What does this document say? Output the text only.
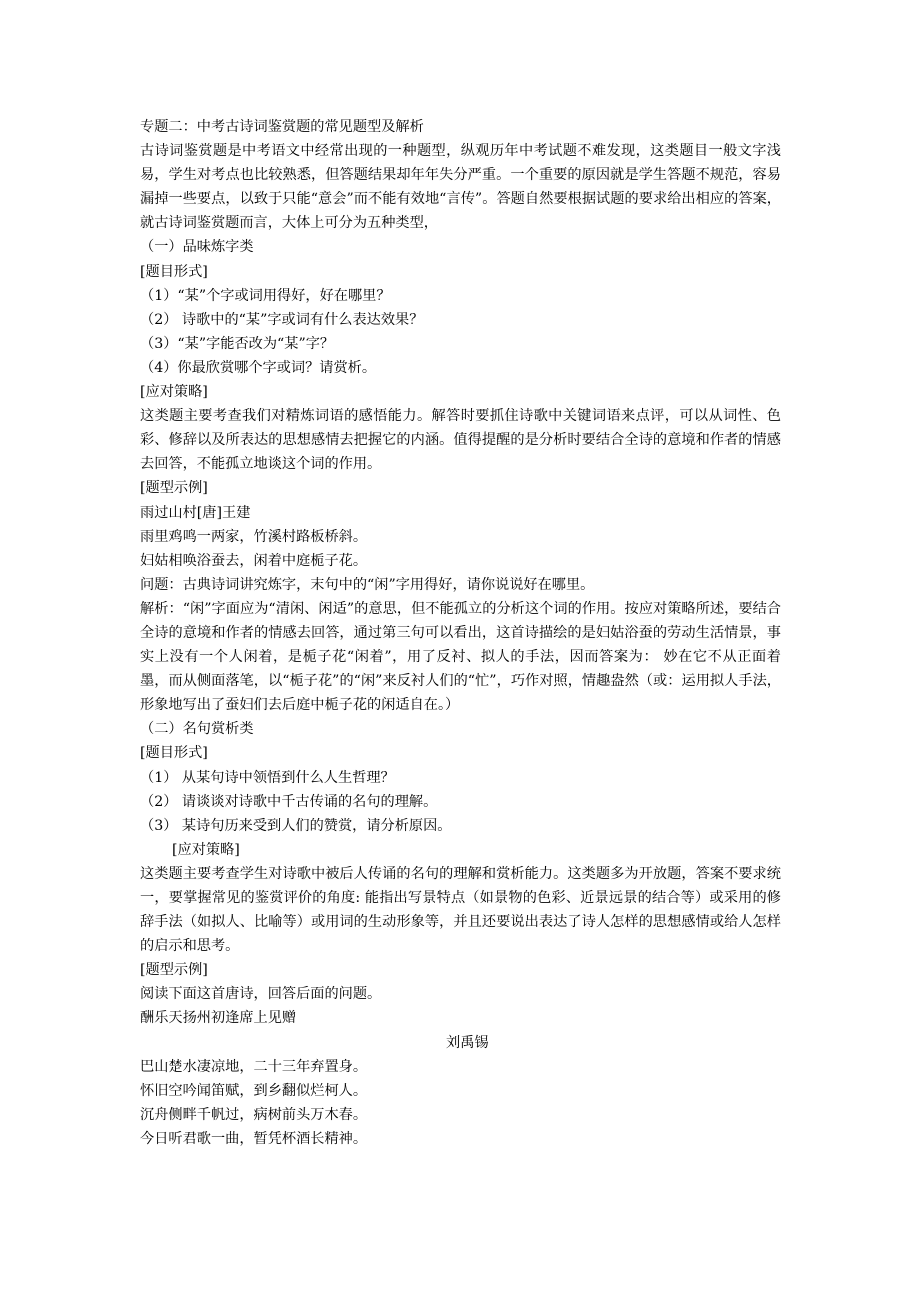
专题二：中考古诗词鉴赏题的常见题型及解析
古诗词鉴赏题是中考语文中经常出现的一种题型，纵观历年中考试题不难发现，这类题目一般文字浅易，学生对考点也比较熟悉，但答题结果却年年失分严重。一个重要的原因就是学生答题不规范，容易漏掉一些要点，以致于只能“意会”而不能有效地“言传”。答题自然要根据试题的要求给出相应的答案，就古诗词鉴赏题而言，大体上可分为五种类型，
（一）品味炼字类
[题目形式]
（1）“某”个字或词用得好，好在哪里？
（2） 诗歌中的“某”字或词有什么表达效果？
（3）“某”字能否改为“某”字？
（4）你最欣赏哪个字或词？请赏析。
[应对策略]
这类题主要考查我们对精炼词语的感悟能力。解答时要抓住诗歌中关键词语来点评，可以从词性、色彩、修辞以及所表达的思想感情去把握它的内涵。值得提醒的是分析时要结合全诗的意境和作者的情感去回答，不能孤立地谈这个词的作用。
[题型示例]
雨过山村[唐]王建
雨里鸡鸣一两家，竹溪村路板桥斜。
妇姑相唤浴蚕去，闲着中庭栀子花。
问题：古典诗词讲究炼字，末句中的“闲”字用得好，请你说说好在哪里。
解析：“闲”字面应为“清闲、闲适”的意思，但不能孤立的分析这个词的作用。按应对策略所述，要结合全诗的意境和作者的情感去回答，通过第三句可以看出，这首诗描绘的是妇姑浴蚕的劳动生活情景，事实上没有一个人闲着，是栀子花“闲着”，用了反衬、拟人的手法，因而答案为： 妙在它不从正面着墨，而从侧面落笔，以“栀子花”的“闲”来反衬人们的“忙”，巧作对照，情趣盎然（或：运用拟人手法，形象地写出了蚕妇们去后庭中栀子花的闲适自在。）
（二）名句赏析类
[题目形式]
（1） 从某句诗中领悟到什么人生哲理？
（2） 请谈谈对诗歌中千古传诵的名句的理解。
（3） 某诗句历来受到人们的赞赏，请分析原因。
[应对策略]
这类题主要考查学生对诗歌中被后人传诵的名句的理解和赏析能力。这类题多为开放题，答案不要求统一，要掌握常见的鉴赏评价的角度: 能指出写景特点（如景物的色彩、近景远景的结合等）或采用的修辞手法（如拟人、比喻等）或用词的生动形象等，并且还要说出表达了诗人怎样的思想感情或给人怎样的启示和思考。
[题型示例]
阅读下面这首唐诗，回答后面的问题。
酬乐天扬州初逢席上见赠
刘禹锡
巴山楚水凄凉地，二十三年弃置身。
怀旧空吟闻笛赋，到乡翻似烂柯人。
沉舟侧畔千帆过，病树前头万木春。
今日听君歌一曲，暂凭杯酒长精神。
